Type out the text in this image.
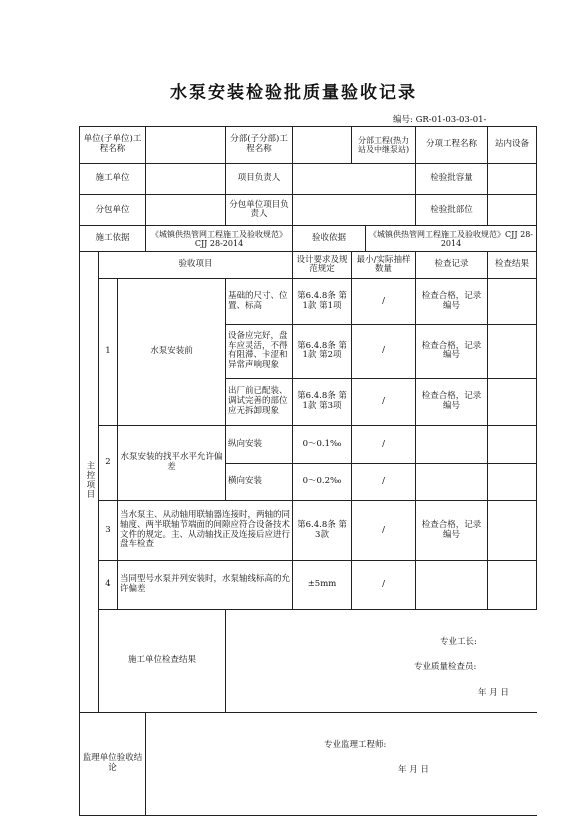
水泵安装检验批质量验收记录
编号: GR-01-03-03-01-
单位(子单位)工程名称				分部(子分部)工程名称		分部工程(热力站及中继泵站)		分项工程名称	站内设备
施工单位				项目负责人				检验批容量	
分包单位				分包单位项目负责人				检验批部位	
施工依据			《城镇供热管网工程施工及验收规范》CJJ 28-2014		验收依据		《城镇供热管网工程施工及验收规范》CJJ 28-2014		
主控项目	验收项目				设计要求及规范规定	最小/实际抽样数量		检查记录	检查结果
	1	水泵安装前		基础的尺寸、位置、标高	第6.4.8条 第1款 第1项	/		检查合格，记录编号	
				设备应完好，盘车应灵活，不得有阻滞、卡涩和异常声响现象	第6.4.8条 第1款 第2项	/		检查合格，记录编号	
				出厂前已配装、调试完善的部位应无拆卸现象	第6.4.8条 第1款 第3项	/		检查合格，记录编号	
	2	水泵安装的找平水平允许偏差		纵向安装	0～0.1‰	/			
				横向安装	0～0.2‰	/			
	3	当水泵主、从动轴用联轴器连接时，两轴的同轴度、两半联轴节端面的间隙应符合设备技术文件的规定。主、从动轴找正及连接后应进行盘车检查			第6.4.8条 第3款	/		检查合格，记录编号	
	4	当同型号水泵并列安装时，水泵轴线标高的允许偏差			±5mm	/			
	施工单位检查结果			专业工长:
专业质量检查员:
年 月 日					

监理单位验收结论			专业监理工程师:
年 月 日						
